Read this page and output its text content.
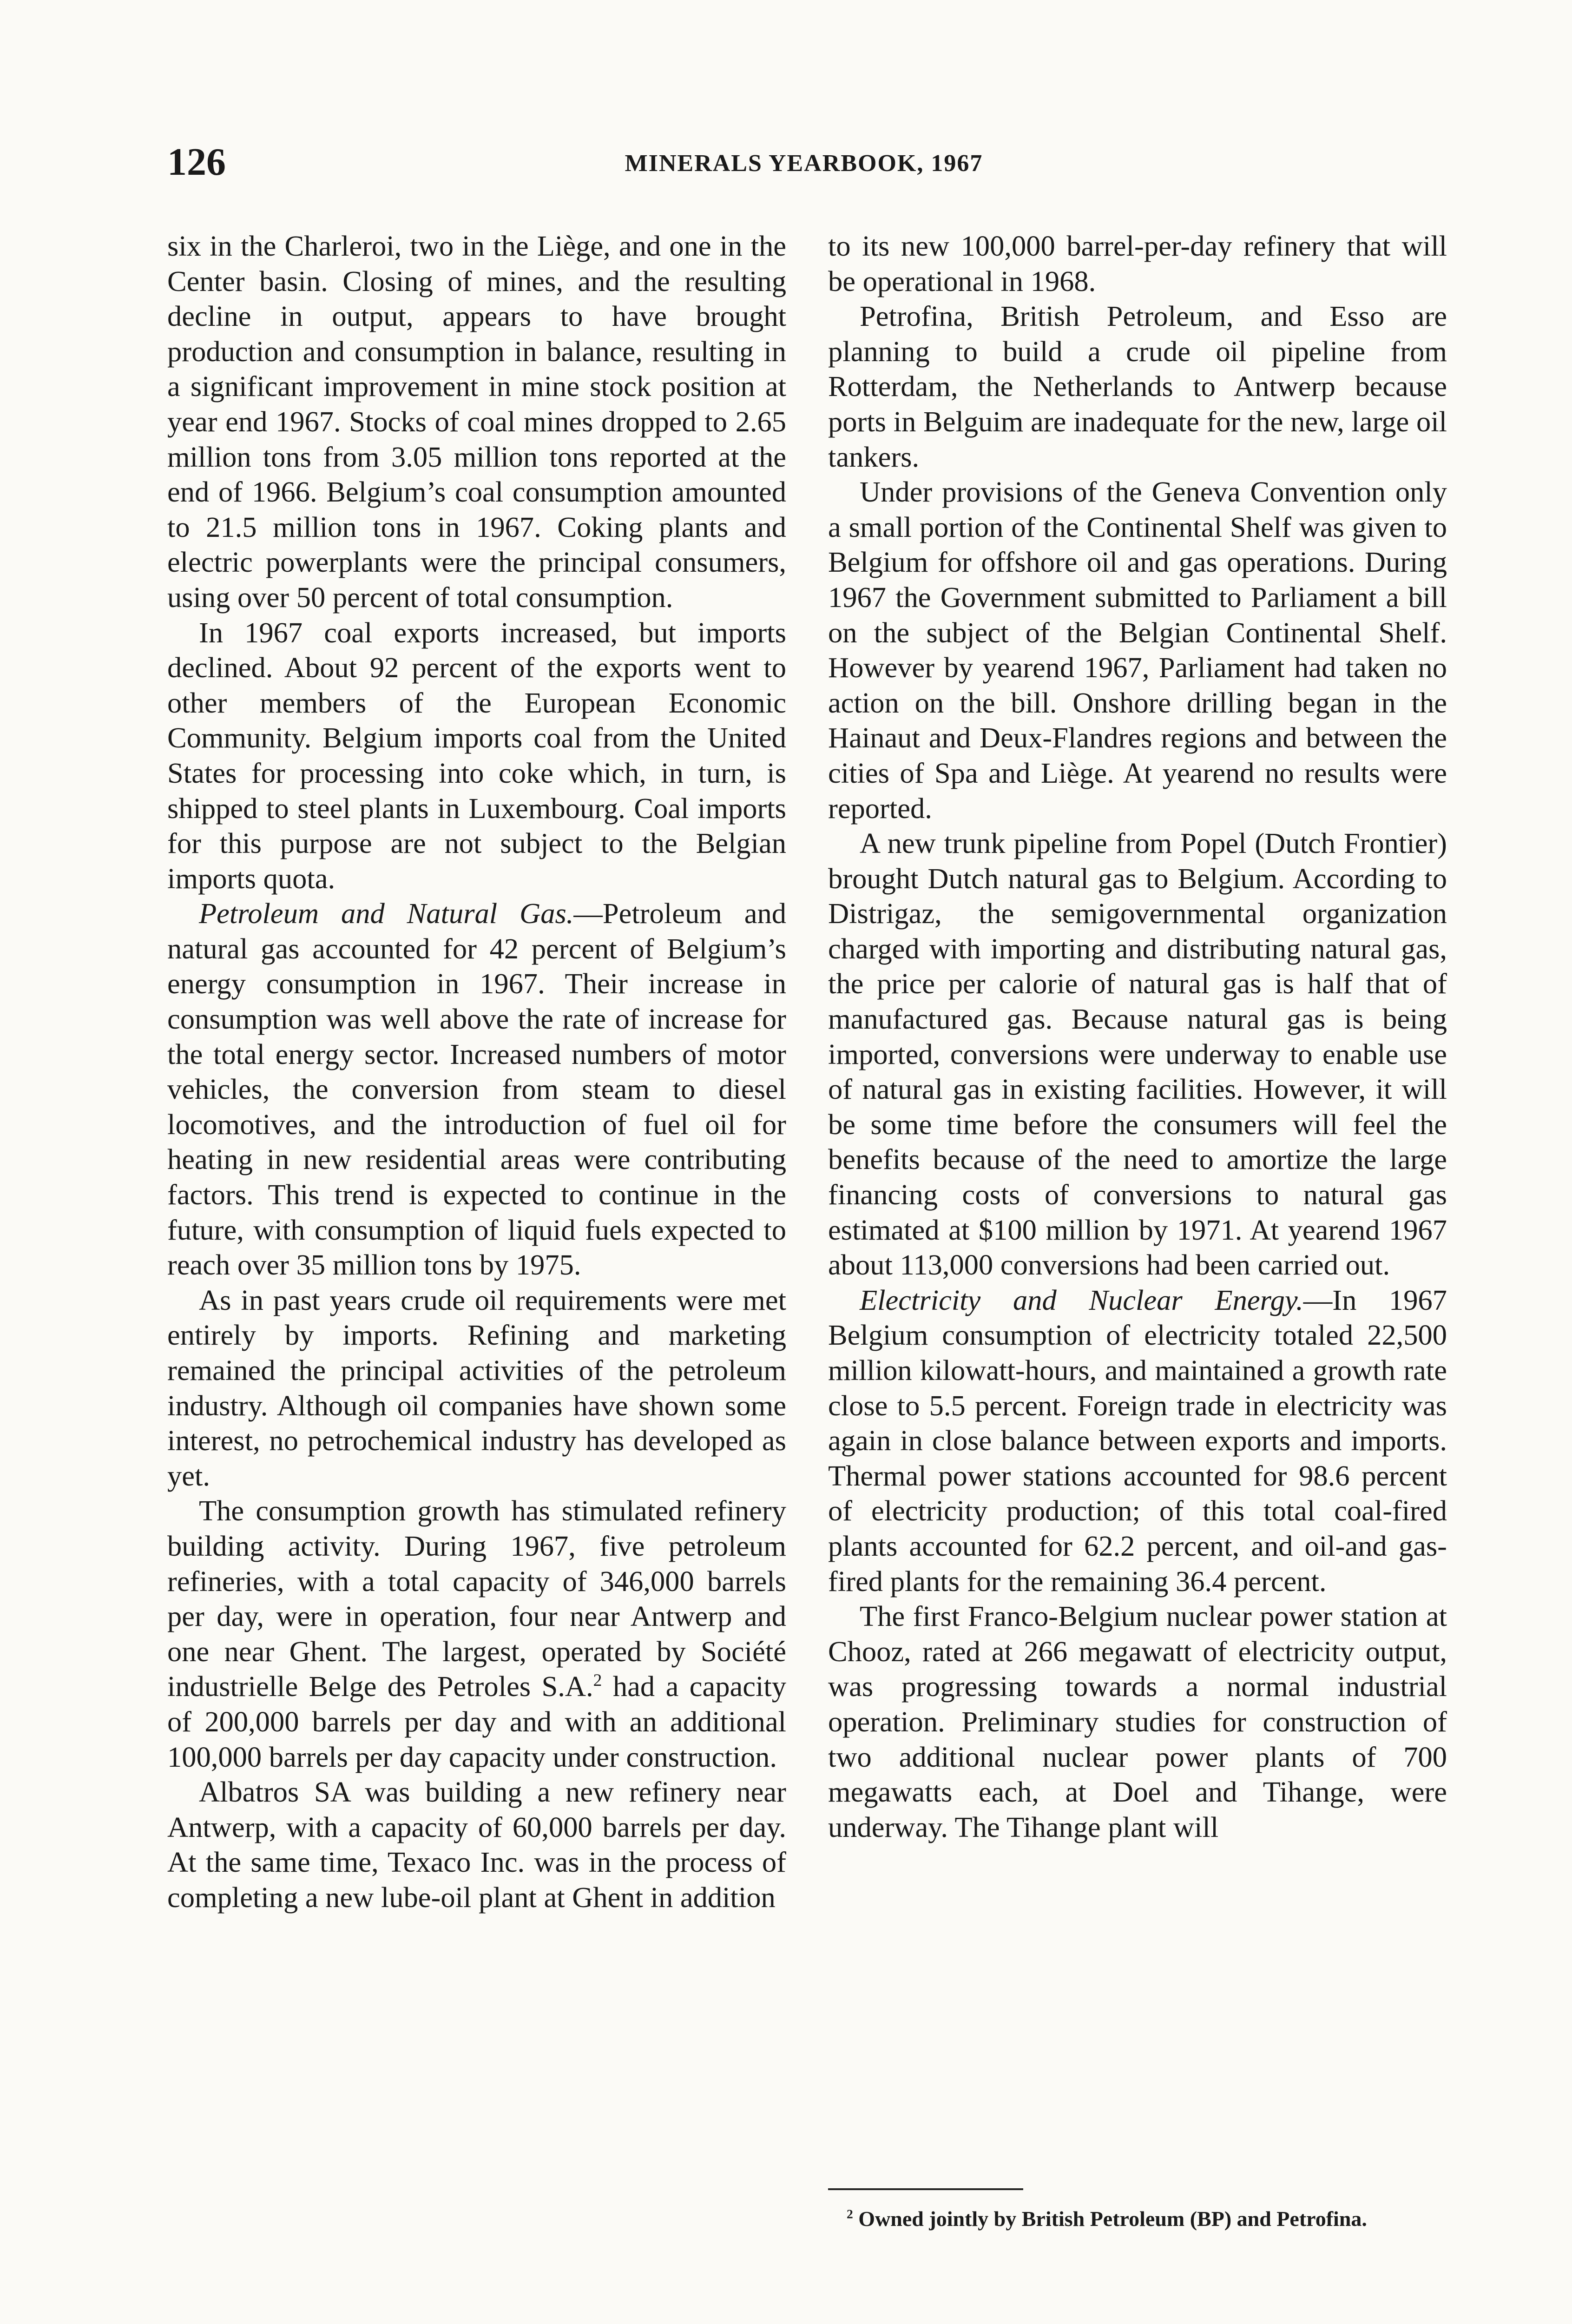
126	MINERALS YEARBOOK, 1967

six in the Charleroi, two in the Liège, and one in the Center basin. Closing of mines, and the resulting decline in output, appears to have brought production and consumption in balance, resulting in a significant improvement in mine stock position at year end 1967. Stocks of coal mines dropped to 2.65 million tons from 3.05 million tons reported at the end of 1966. Belgium’s coal consumption amounted to 21.5 million tons in 1967. Coking plants and electric powerplants were the principal consumers, using over 50 percent of total consumption.

In 1967 coal exports increased, but imports declined. About 92 percent of the exports went to other members of the European Economic Community. Belgium imports coal from the United States for processing into coke which, in turn, is shipped to steel plants in Luxembourg. Coal imports for this purpose are not subject to the Belgian imports quota.

Petroleum and Natural Gas.—Petroleum and natural gas accounted for 42 percent of Belgium’s energy consumption in 1967. Their increase in consumption was well above the rate of increase for the total energy sector. Increased numbers of motor vehicles, the conversion from steam to diesel locomotives, and the introduction of fuel oil for heating in new residential areas were contributing factors. This trend is expected to continue in the future, with consumption of liquid fuels expected to reach over 35 million tons by 1975.

As in past years crude oil requirements were met entirely by imports. Refining and marketing remained the principal activities of the petroleum industry. Although oil companies have shown some interest, no petrochemical industry has developed as yet.

The consumption growth has stimulated refinery building activity. During 1967, five petroleum refineries, with a total capacity of 346,000 barrels per day, were in operation, four near Antwerp and one near Ghent. The largest, operated by Société industrielle Belge des Petroles S.A.$^2$ had a capacity of 200,000 barrels per day and with an additional 100,000 barrels per day capacity under construction.

Albatros SA was building a new refinery near Antwerp, with a capacity of 60,000 barrels per day. At the same time, Texaco Inc. was in the process of completing a new lube-oil plant at Ghent in addition

to its new 100,000 barrel-per-day refinery that will be operational in 1968.

Petrofina, British Petroleum, and Esso are planning to build a crude oil pipeline from Rotterdam, the Netherlands to Antwerp because ports in Belguim are inadequate for the new, large oil tankers.

Under provisions of the Geneva Convention only a small portion of the Continental Shelf was given to Belgium for offshore oil and gas operations. During 1967 the Government submitted to Parliament a bill on the subject of the Belgian Continental Shelf. However by yearend 1967, Parliament had taken no action on the bill. Onshore drilling began in the Hainaut and Deux-Flandres regions and between the cities of Spa and Liège. At yearend no results were reported.

A new trunk pipeline from Popel (Dutch Frontier) brought Dutch natural gas to Belgium. According to Distrigaz, the semigovernmental organization charged with importing and distributing natural gas, the price per calorie of natural gas is half that of manufactured gas. Because natural gas is being imported, conversions were underway to enable use of natural gas in existing facilities. However, it will be some time before the consumers will feel the benefits because of the need to amortize the large financing costs of conversions to natural gas estimated at $100 million by 1971. At yearend 1967 about 113,000 conversions had been carried out.

Electricity and Nuclear Energy.—In 1967 Belgium consumption of electricity totaled 22,500 million kilowatt-hours, and maintained a growth rate close to 5.5 percent. Foreign trade in electricity was again in close balance between exports and imports. Thermal power stations accounted for 98.6 percent of electricity production; of this total coal-fired plants accounted for 62.2 percent, and oil-and gas-fired plants for the remaining 36.4 percent.

The first Franco-Belgium nuclear power station at Chooz, rated at 266 megawatt of electricity output, was progressing towards a normal industrial operation. Preliminary studies for construction of two additional nuclear power plants of 700 megawatts each, at Doel and Tihange, were underway. The Tihange plant will

$^2$ Owned jointly by British Petroleum (BP) and Petrofina.
